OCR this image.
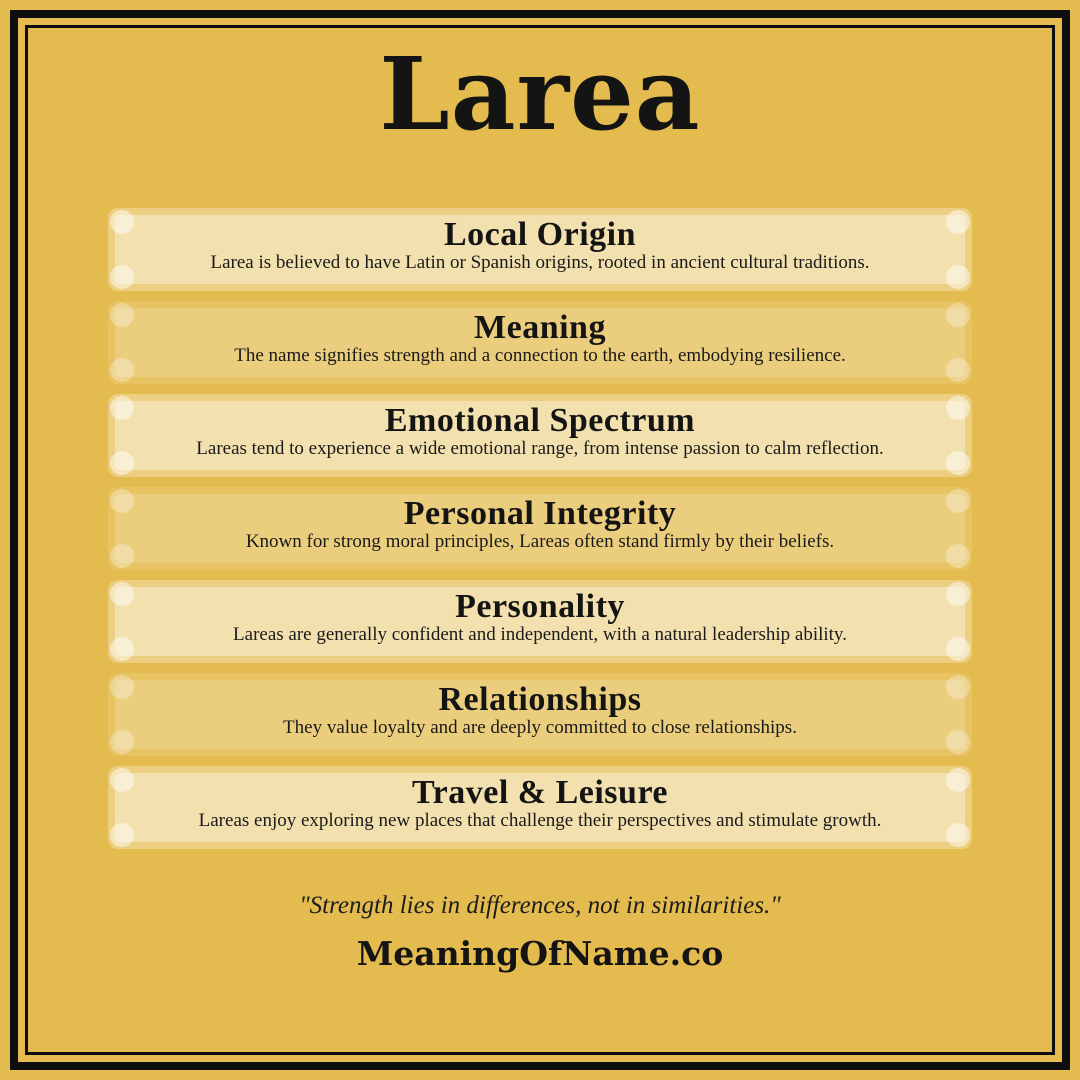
Larea
Local Origin

Larea is believed to have Latin or Spanish origins, rooted in ancient cultural traditions.

Meaning

The name signifies strength and a connection to the earth, embodying resilience.

Emotional Spectrum

Lareas tend to experience a wide emotional range, from intense passion to calm reflection.

Personal Integrity

Known for strong moral principles, Lareas often stand firmly by their beliefs.

Personality

Lareas are generally confident and independent, with a natural leadership ability.

Relationships

They value loyalty and are deeply committed to close relationships.

Travel & Leisure

Lareas enjoy exploring new places that challenge their perspectives and stimulate growth.

"Strength lies in differences, not in similarities."
MeaningOfName.co
